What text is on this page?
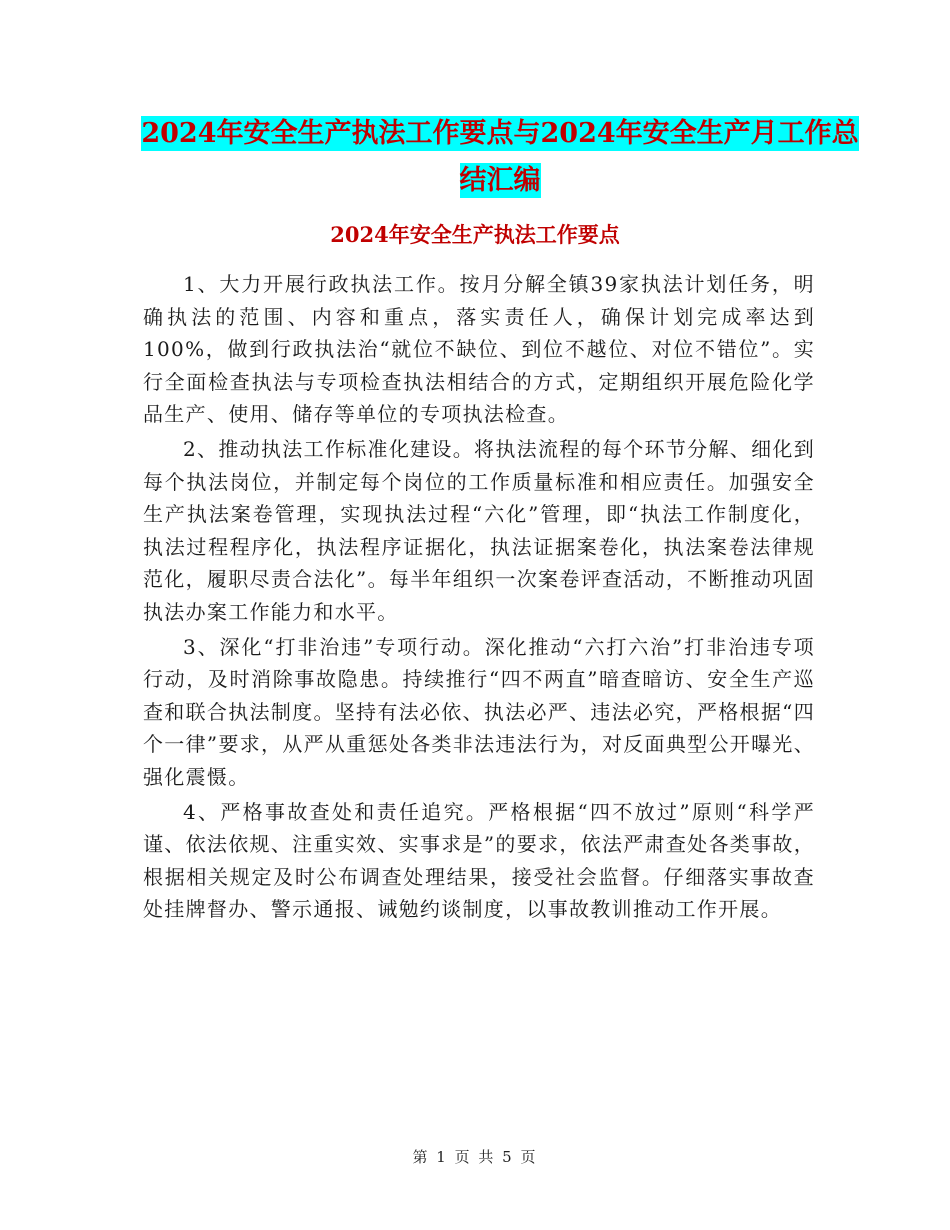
2024年安全生产执法工作要点与2024年安全生产月工作总结汇编
2024年安全生产执法工作要点

1、大力开展行政执法工作。按月分解全镇39家执法计划任务，明确执法的范围、内容和重点，落实责任人，确保计划完成率达到100%，做到行政执法治“就位不缺位、到位不越位、对位不错位”。实行全面检查执法与专项检查执法相结合的方式，定期组织开展危险化学品生产、使用、储存等单位的专项执法检查。

2、推动执法工作标准化建设。将执法流程的每个环节分解、细化到每个执法岗位，并制定每个岗位的工作质量标准和相应责任。加强安全生产执法案卷管理，实现执法过程“六化”管理，即“执法工作制度化，执法过程程序化，执法程序证据化，执法证据案卷化，执法案卷法律规范化，履职尽责合法化”。每半年组织一次案卷评查活动，不断推动巩固执法办案工作能力和水平。

3、深化“打非治违”专项行动。深化推动“六打六治”打非治违专项行动，及时消除事故隐患。持续推行“四不两直”暗查暗访、安全生产巡查和联合执法制度。坚持有法必依、执法必严、违法必究，严格根据“四个一律”要求，从严从重惩处各类非法违法行为，对反面典型公开曝光、强化震慑。

4、严格事故查处和责任追究。严格根据“四不放过”原则“科学严谨、依法依规、注重实效、实事求是”的要求，依法严肃查处各类事故，根据相关规定及时公布调查处理结果，接受社会监督。仔细落实事故查处挂牌督办、警示通报、诫勉约谈制度，以事故教训推动工作开展。

第 1 页 共 5 页
